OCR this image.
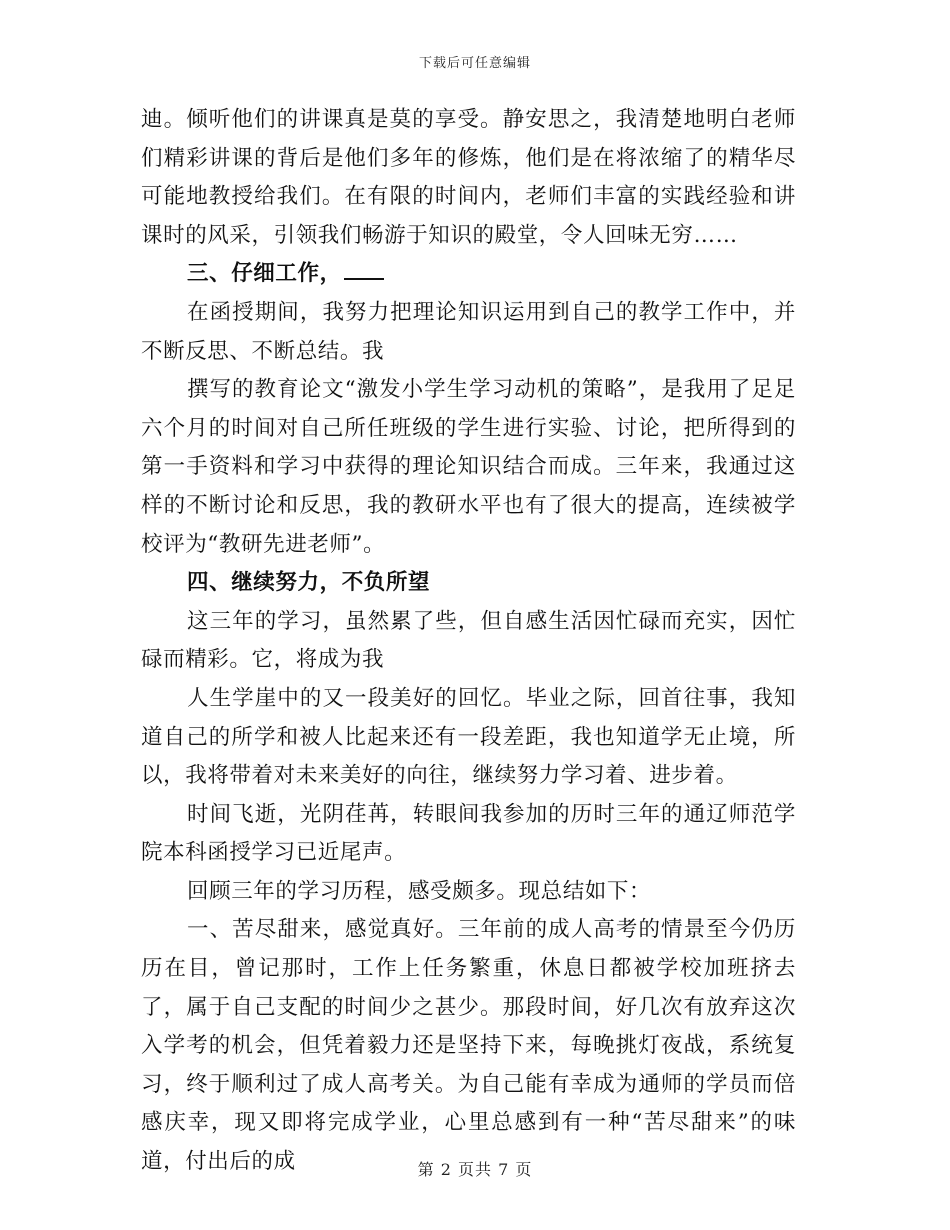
下载后可任意编辑

迪。倾听他们的讲课真是莫的享受。静安思之，我清楚地明白老师们精彩讲课的背后是他们多年的修炼，他们是在将浓缩了的精华尽可能地教授给我们。在有限的时间内，老师们丰富的实践经验和讲课时的风采，引领我们畅游于知识的殿堂，令人回味无穷……

三、仔细工作，

在函授期间，我努力把理论知识运用到自己的教学工作中，并不断反思、不断总结。我

撰写的教育论文“激发小学生学习动机的策略”，是我用了足足六个月的时间对自己所任班级的学生进行实验、讨论，把所得到的第一手资料和学习中获得的理论知识结合而成。三年来，我通过这样的不断讨论和反思，我的教研水平也有了很大的提高，连续被学校评为“教研先进老师”。

四、继续努力，不负所望

这三年的学习，虽然累了些，但自感生活因忙碌而充实，因忙碌而精彩。它，将成为我

人生学崖中的又一段美好的回忆。毕业之际，回首往事，我知道自己的所学和被人比起来还有一段差距，我也知道学无止境，所以，我将带着对未来美好的向往，继续努力学习着、进步着。

时间飞逝，光阴荏苒，转眼间我参加的历时三年的通辽师范学院本科函授学习已近尾声。

回顾三年的学习历程，感受颇多。现总结如下：

一、苦尽甜来，感觉真好。三年前的成人高考的情景至今仍历历在目，曾记那时，工作上任务繁重，休息日都被学校加班挤去了，属于自己支配的时间少之甚少。那段时间，好几次有放弃这次入学考的机会，但凭着毅力还是坚持下来，每晚挑灯夜战，系统复习，终于顺利过了成人高考关。为自己能有幸成为通师的学员而倍感庆幸，现又即将完成学业，心里总感到有一种“苦尽甜来”的味道，付出后的成	第 2 页共 7 页
